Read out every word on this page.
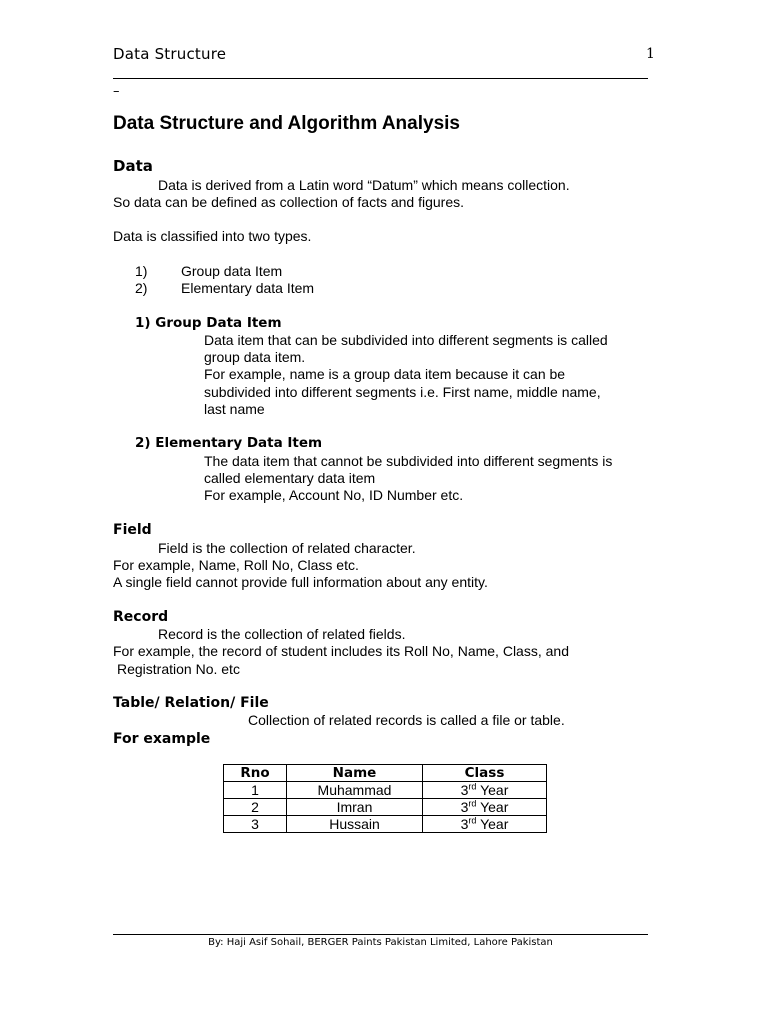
Data Structure	1
–
Data Structure and Algorithm Analysis
Data
Data is derived from a Latin word “Datum” which means collection.
So data can be defined as collection of facts and figures.
Data is classified into two types.
1) Group data Item
2) Elementary data Item
1) Group Data Item
Data item that can be subdivided into different segments is called
group data item.
For example, name is a group data item because it can be
subdivided into different segments i.e. First name, middle name,
last name
2) Elementary Data Item
The data item that cannot be subdivided into different segments is
called elementary data item
For example, Account No, ID Number etc.
Field
Field is the collection of related character.
For example, Name, Roll No, Class etc.
A single field cannot provide full information about any entity.
Record
Record is the collection of related fields.
For example, the record of student includes its Roll No, Name, Class, and
Registration No. etc
Table/ Relation/ File
Collection of related records is called a file or table.
For example
Rno	Name	Class
1	Muhammad	3rd Year
2	Imran	3rd Year
3	Hussain	3rd Year
By: Haji Asif Sohail, BERGER Paints Pakistan Limited, Lahore Pakistan
